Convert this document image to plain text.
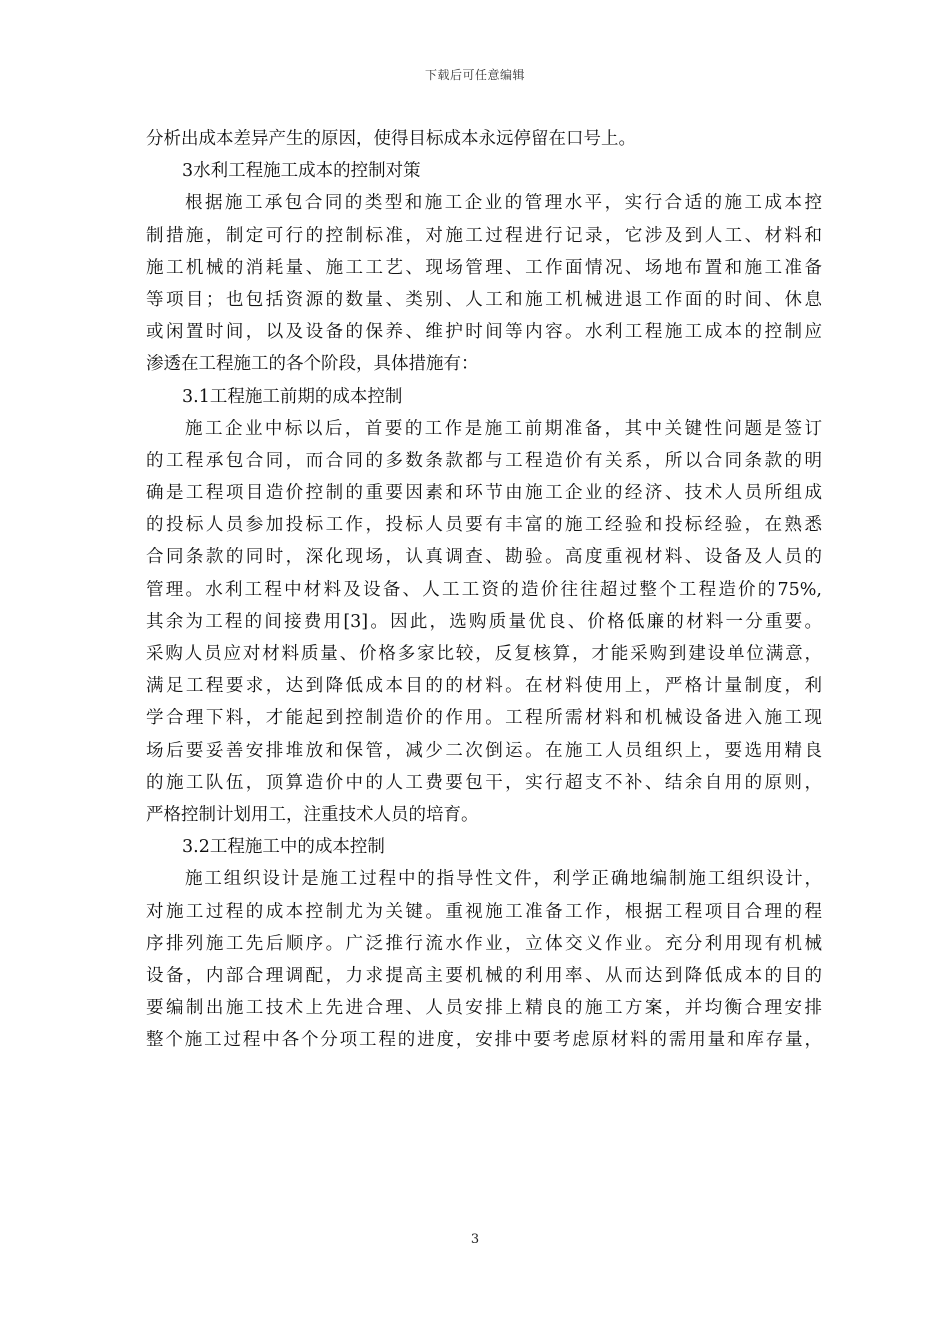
下载后可任意编辑
分析出成本差异产生的原因，使得目标成本永远停留在口号上。
3水利工程施工成本的控制对策
根据施工承包合同的类型和施工企业的管理水平，实行合适的施工成本控
制措施，制定可行的控制标准，对施工过程进行记录，它涉及到人工、材料和
施工机械的消耗量、施工工艺、现场管理、工作面情况、场地布置和施工准备
等项目；也包括资源的数量、类别、人工和施工机械进退工作面的时间、休息
或闲置时间，以及设备的保养、维护时间等内容。水利工程施工成本的控制应
渗透在工程施工的各个阶段，具体措施有：
3.1工程施工前期的成本控制
施工企业中标以后，首要的工作是施工前期准备，其中关键性问题是签订
的工程承包合同，而合同的多数条款都与工程造价有关系，所以合同条款的明
确是工程项目造价控制的重要因素和环节由施工企业的经济、技术人员所组成
的投标人员参加投标工作，投标人员要有丰富的施工经验和投标经验，在熟悉
合同条款的同时，深化现场，认真调查、勘验。高度重视材料、设备及人员的
管理。水利工程中材料及设备、人工工资的造价往往超过整个工程造价的75%,
其余为工程的间接费用[3]。因此，选购质量优良、价格低廉的材料一分重要。
采购人员应对材料质量、价格多家比较，反复核算，才能采购到建设单位满意，
满足工程要求，达到降低成本目的的材料。在材料使用上，严格计量制度，利
学合理下料，才能起到控制造价的作用。工程所需材料和机械设备进入施工现
场后要妥善安排堆放和保管，减少二次倒运。在施工人员组织上，要选用精良
的施工队伍，顶算造价中的人工费要包干，实行超支不补、结余自用的原则，
严格控制计划用工，注重技术人员的培育。
3.2工程施工中的成本控制
施工组织设计是施工过程中的指导性文件，利学正确地编制施工组织设计，
对施工过程的成本控制尤为关键。重视施工准备工作，根据工程项目合理的程
序排列施工先后顺序。广泛推行流水作业，立体交义作业。充分利用现有机械
设备，内部合理调配，力求提高主要机械的利用率、从而达到降低成本的目的
要编制出施工技术上先进合理、人员安排上精良的施工方案，并均衡合理安排
整个施工过程中各个分项工程的进度，安排中要考虑原材料的需用量和库存量，
3
